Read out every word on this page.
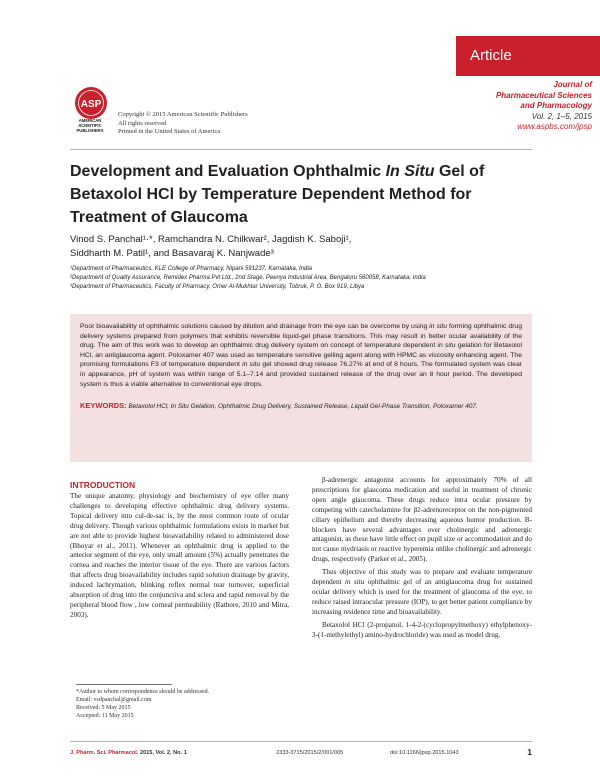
Article
Journal of
Pharmaceutical Sciences
and Pharmacology
Vol. 2, 1–5, 2015
www.aspbs.com/jpsp
ASP
AMERICAN
SCIENTIFIC
PUBLISHERS
Copyright © 2015 American Scientific Publishers
All rights reserved
Printed in the United States of America
Development and Evaluation Ophthalmic In Situ Gel of Betaxolol HCl by Temperature Dependent Method for Treatment of Glaucoma
Vinod S. Panchal¹·*, Ramchandra N. Chilkwar², Jagdish K. Saboji¹,
Siddharth M. Patil¹, and Basavaraj K. Nanjwade³
¹Department of Pharmaceutics, KLE College of Pharmacy, Nipani 591237, Karnataka, India
²Department of Quality Assurance, Remidex Pharma Pvt Ltd., 2nd Stage, Peenya Industrial Area, Bengaluru 560058, Karnataka, India
³Department of Pharmaceutics, Faculty of Pharmacy, Omer Al-Mukhtar University, Tobruk, P. O. Box 919, Libya

Poor bioavailability of ophthalmic solutions caused by dilution and drainage from the eye can be overcome by using in situ forming ophthalmic drug delivery systems prepared from polymers that exhibits reversible liquid-gel phase transitions. This may result in better ocular availability of the drug. The aim of this work was to develop an ophthalmic drug delivery system on concept of temperature dependent in situ gelation for Betaxolol HCl, an antiglaucoma agent. Poloxamer 407 was used as temperature sensitive gelling agent along with HPMC as viscosity enhancing agent. The promising formulations F3 of temperature dependent in situ gel showed drug release 76.27% at end of 8 hours. The formulated system was clear in appearance, pH of system was within range of 5.1–7.14 and provided sustained release of the drug over an 8 hour period. The developed system is thus a viable alternative to conventional eye drops.

KEYWORDS: Betaxolol HCl, In Situ Gelation, Ophthalmic Drug Delivery, Sustained Release, Liquid Gel-Phase Transition, Poloxamer 407.

INTRODUCTION

The unique anatomy, physiology and biochemistry of eye offer many challenges to developing effective ophthalmic drug delivery systems. Topical delivery into cul-de-sac is, by the most common route of ocular drug delivery. Though various ophthalmic formulations exists in market but are not able to provide highest bioavailability related to administered dose (Bhoyar et al., 2011). Whenever an ophthalmic drug is applied to the anterior segment of the eye, only small amount (5%) actually penetrates the cornea and reaches the interior tissue of the eye. There are various factors that affects drug bioavailability includes rapid solution drainage by gravity, induced lachrymation, blinking reflex normal tear turnover, superficial absorption of drug into the conjunctiva and sclera and rapid removal by the peripheral blood flow , low corneal permeability (Rathore, 2010 and Mitra, 2003).

β-adrenergic antagonist accounts for approximately 70% of all prescriptions for glaucoma medication and useful in treatment of chronic open angle glaucoma. These drugs reduce intra ocular pressure by competing with catecholamine for β2-adrenoreceptor on the non-pigmented ciliary epithelium and thereby decreasing aqueous humor production. B-blockers have several advantages over cholinergic and adrenergic antagonist, as these have little effect on pupil size or accommodation and do not cause mydriasis or reactive hyperemia unlike cholinergic and adrenergic drugs, respectively (Parker et al., 2005).

Thus objective of this study was to prepare and evaluate temperature dependent in situ ophthalmic gel of an antiglaucoma drug for sustained ocular delivery which is used for the treatment of glaucoma of the eye, to reduce raised intraocular pressure (IOP), to get better patient compliance by increasing residence time and bioavailability.

Betaxolol HCl (2-propanol, 1-4-2-(cyclopropylmethoxy) ethylphenoxy-3-(1-methylethyl) amino-hydrochloride) was used as model drug.

*Author to whom correspondence should be addressed.
Email: vsdpanchal@gmail.com
Received: 5 May 2015
Accepted: 11 May 2015
J. Pharm. Sci. Pharmacol. 2015, Vol. 2, No. 1	2333-3715/2015/2/001/005	doi:10.1166/jpsp.2015.1043	1
